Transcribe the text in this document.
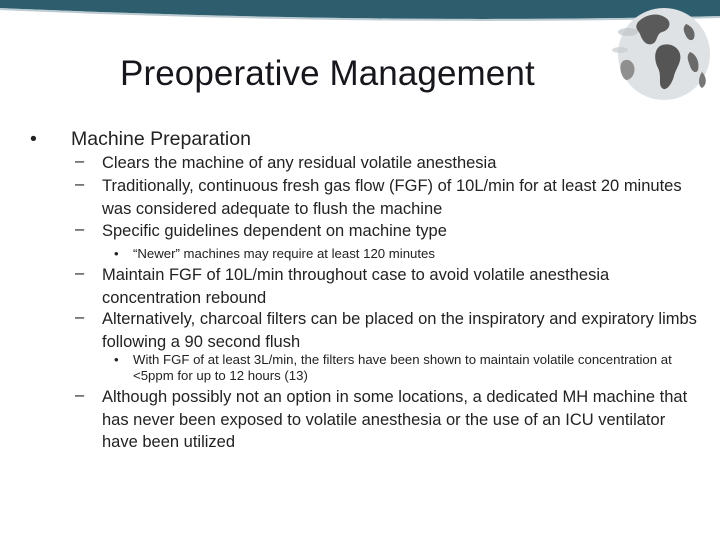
Preoperative Management
• Machine Preparation
– Clears the machine of any residual volatile anesthesia
– Traditionally, continuous fresh gas flow (FGF) of 10L/min for at least 20 minutes was considered adequate to flush the machine
– Specific guidelines dependent on machine type
• “Newer” machines may require at least 120 minutes
– Maintain FGF of 10L/min throughout case to avoid volatile anesthesia concentration rebound
– Alternatively, charcoal filters can be placed on the inspiratory and expiratory limbs following a 90 second flush
• With FGF of at least 3L/min, the filters have been shown to maintain volatile concentration at <5ppm for up to 12 hours (13)
– Although possibly not an option in some locations, a dedicated MH machine that has never been exposed to volatile anesthesia or the use of an ICU ventilator have been utilized
